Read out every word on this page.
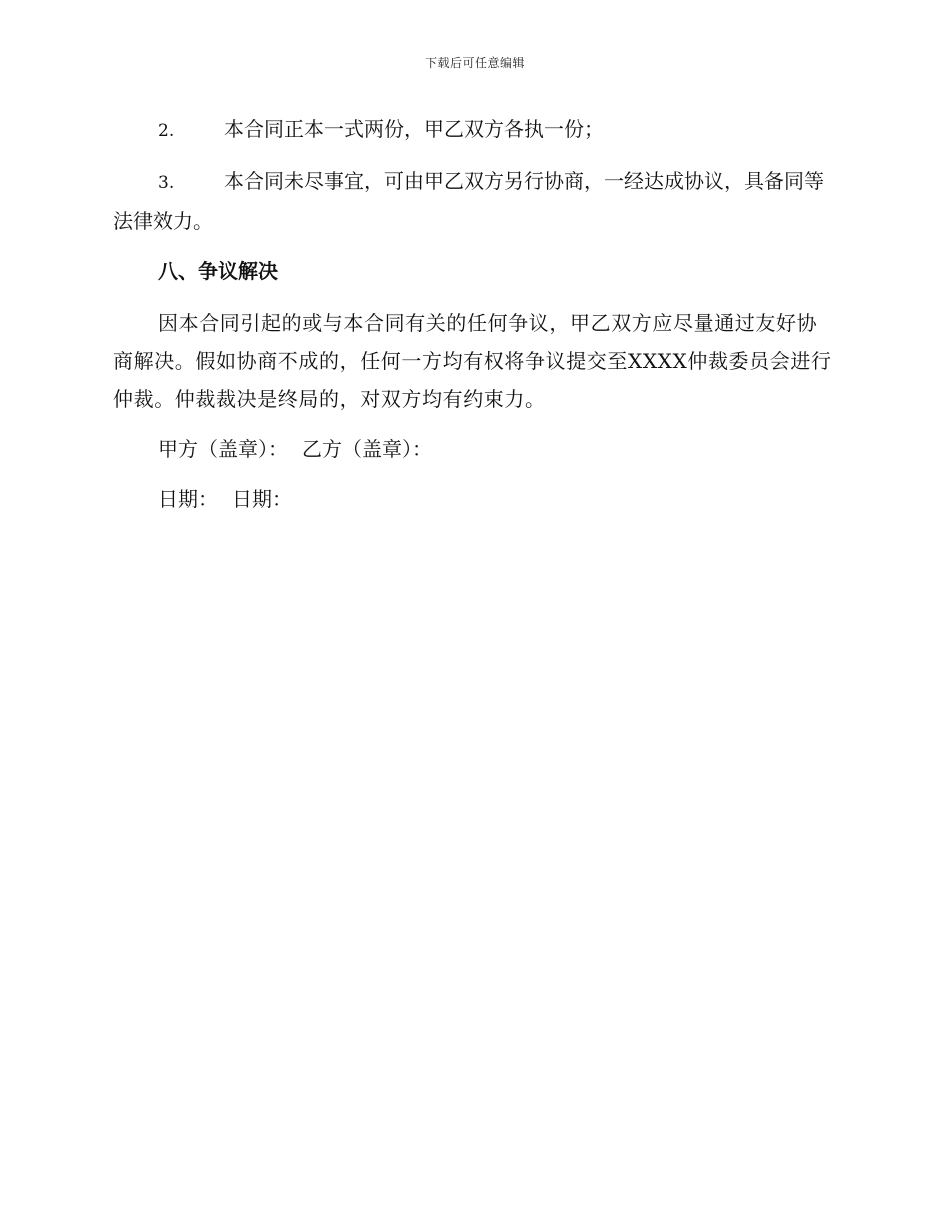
下载后可任意编辑

2. 本合同正本一式两份，甲乙双方各执一份；

3. 本合同未尽事宜，可由甲乙双方另行协商，一经达成协议，具备同等法律效力。

八、争议解决

因本合同引起的或与本合同有关的任何争议，甲乙双方应尽量通过友好协商解决。假如协商不成的，任何一方均有权将争议提交至XXXX仲裁委员会进行仲裁。仲裁裁决是终局的，对双方均有约束力。

甲方（盖章）： 乙方（盖章）：

日期： 日期：
